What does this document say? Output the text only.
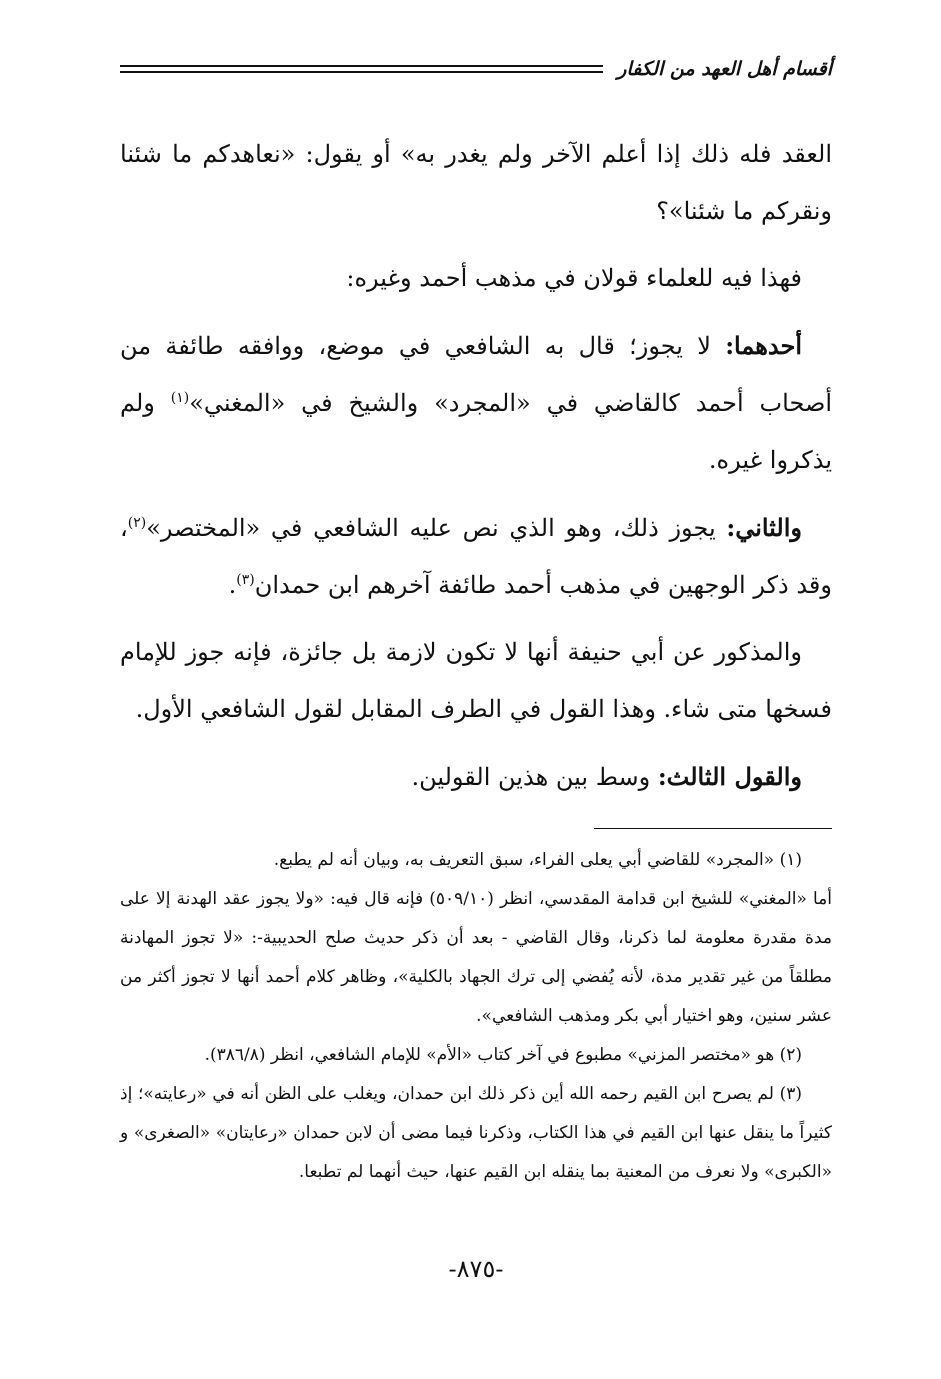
أقسام أهل العهد من الكفار

العقد فله ذلك إذا أعلم الآخر ولم يغدر به» أو يقول: «نعاهدكم ما شئنا ونقركم ما شئنا»؟

فهذا فيه للعلماء قولان في مذهب أحمد وغيره:

أحدهما: لا يجوز؛ قال به الشافعي في موضع، ووافقه طائفة من أصحاب أحمد كالقاضي في «المجرد» والشيخ في «المغني»$^{(١)}$ ولم يذكروا غيره.

والثاني: يجوز ذلك، وهو الذي نص عليه الشافعي في «المختصر»$^{(٢)}$، وقد ذكر الوجهين في مذهب أحمد طائفة آخرهم ابن حمدان$^{(٣)}$.

والمذكور عن أبي حنيفة أنها لا تكون لازمة بل جائزة، فإنه جوز للإمام فسخها متى شاء. وهذا القول في الطرف المقابل لقول الشافعي الأول.

والقول الثالث: وسط بين هذين القولين.

(١) «المجرد» للقاضي أبي يعلى الفراء، سبق التعريف به، وبيان أنه لم يطبع.

أما «المغني» للشيخ ابن قدامة المقدسي، انظر (٥٠٩/١٠) فإنه قال فيه: «ولا يجوز عقد الهدنة إلا على مدة مقدرة معلومة لما ذكرنا، وقال القاضي - بعد أن ذكر حديث صلح الحديبية-: «لا تجوز المهادنة مطلقاً من غير تقدير مدة، لأنه يُفضي إلى ترك الجهاد بالكلية»، وظاهر كلام أحمد أنها لا تجوز أكثر من عشر سنين، وهو اختيار أبي بكر ومذهب الشافعي».

(٢) هو «مختصر المزني» مطبوع في آخر كتاب «الأم» للإمام الشافعي، انظر (٣٨٦/٨).

(٣) لم يصرح ابن القيم رحمه الله أين ذكر ذلك ابن حمدان، ويغلب على الظن أنه في «رعايته»؛ إذ كثيراً ما ينقل عنها ابن القيم في هذا الكتاب، وذكرنا فيما مضى أن لابن حمدان «رعايتان» «الصغرى» و «الكبرى» ولا نعرف من المعنية بما ينقله ابن القيم عنها، حيث أنهما لم تطبعا.

-٨٧٥-
